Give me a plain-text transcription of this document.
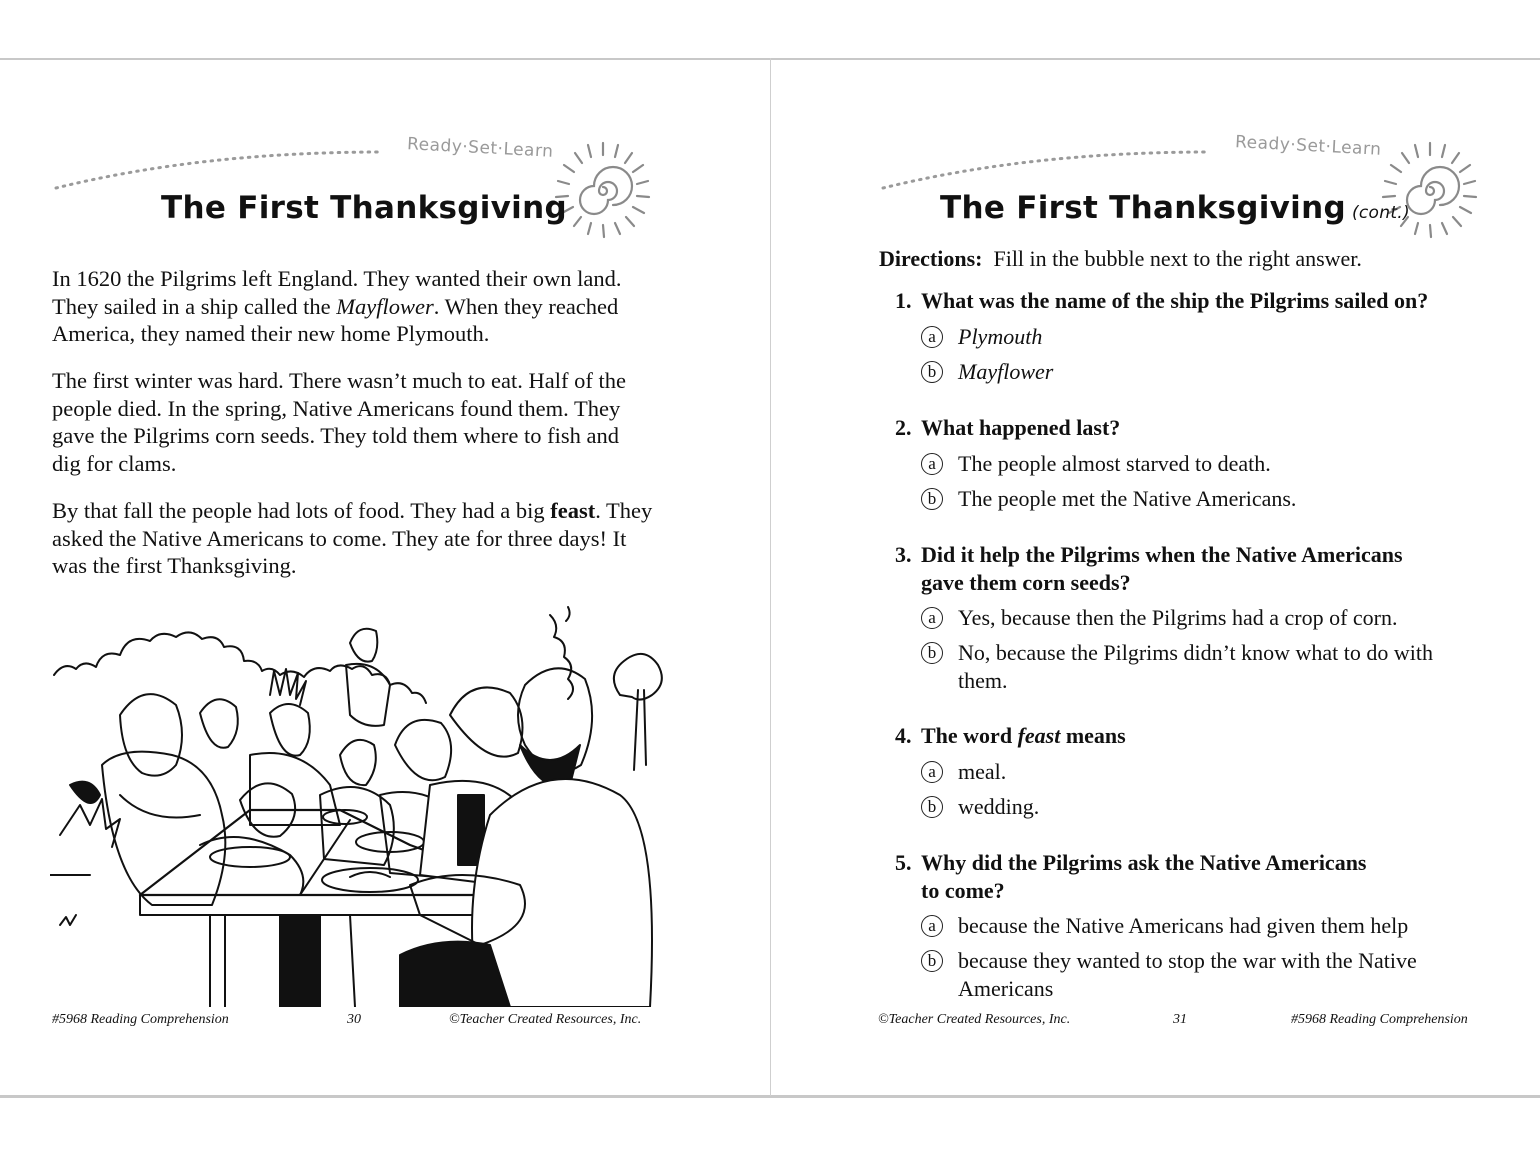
Ready·Set·Learn
The First Thanksgiving

In 1620 the Pilgrims left England. They wanted their own land. They sailed in a ship called the Mayflower. When they reached America, they named their new home Plymouth.

The first winter was hard. There wasn’t much to eat. Half of the people died. In the spring, Native Americans found them. They gave the Pilgrims corn seeds. They told them where to fish and dig for clams.

By that fall the people had lots of food. They had a big feast. They asked the Native Americans to come. They ate for three days! It was the first Thanksgiving.

#5968 Reading Comprehension	30	©Teacher Created Resources, Inc.
Ready·Set·Learn
The First Thanksgiving (cont.)
Directions: Fill in the bubble next to the right answer.
1. What was the name of the ship the Pilgrims sailed on?
a	Plymouth
b Mayflower
2. What happened last?
a	The people almost starved to death.
b The people met the Native Americans.
3. Did it help the Pilgrims when the Native Americans
gave them corn seeds?
a	Yes, because then the Pilgrims had a crop of corn.
b No, because the Pilgrims didn’t know what to do with them.
4. The word feast means
a	meal.
b wedding.
5. Why did the Pilgrims ask the Native Americans
to come?
a	because the Native Americans had given them help
b because they wanted to stop the war with the Native Americans
©Teacher Created Resources, Inc.	31	#5968 Reading Comprehension
